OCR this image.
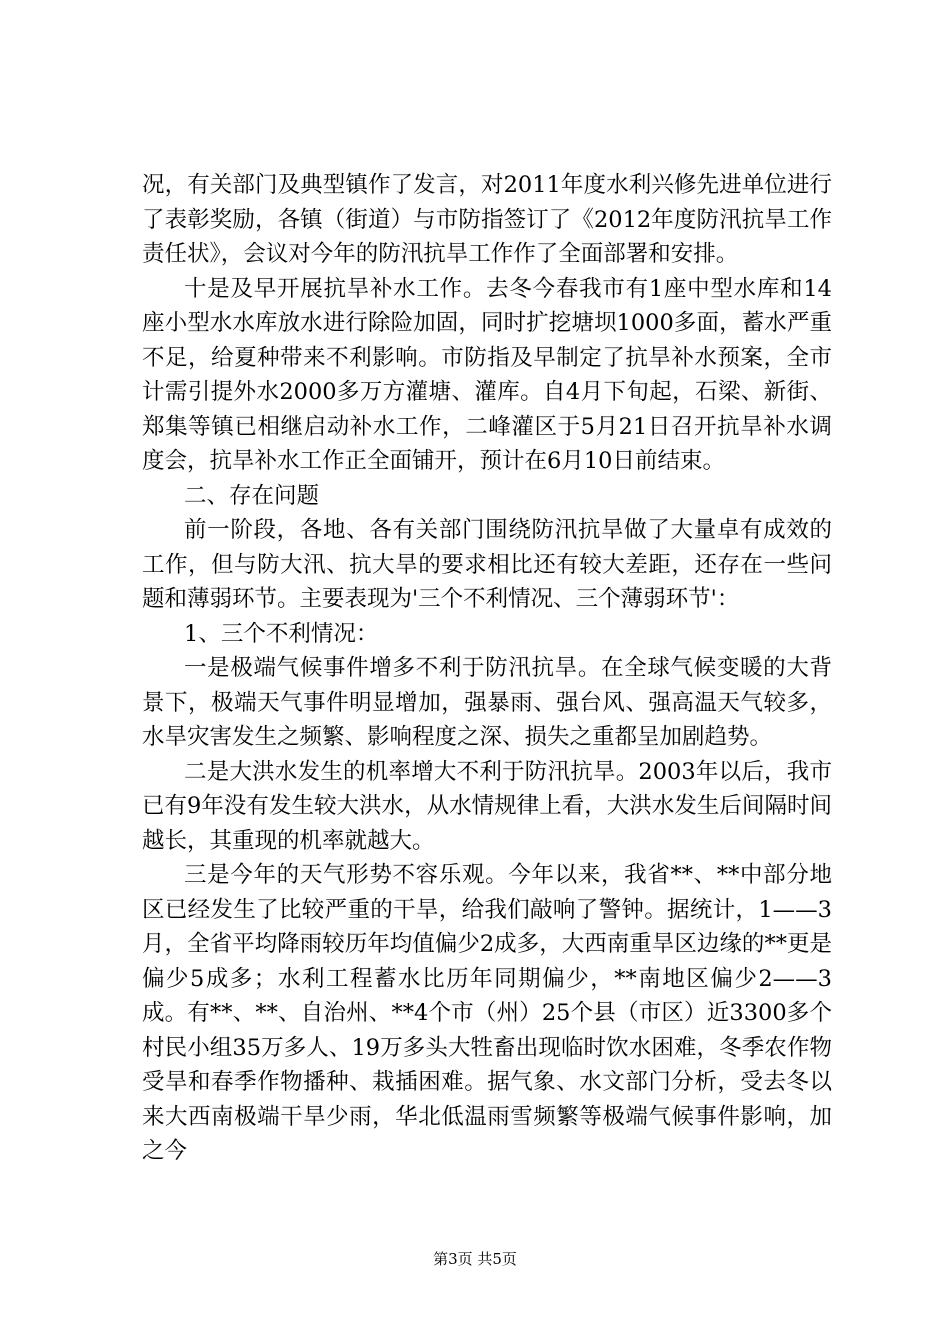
况，有关部门及典型镇作了发言，对2011年度水利兴修先进单位进行了表彰奖励，各镇（街道）与市防指签订了《2012年度防汛抗旱工作责任状》，会议对今年的防汛抗旱工作作了全面部署和安排。

十是及早开展抗旱补水工作。去冬今春我市有1座中型水库和14座小型水水库放水进行除险加固，同时扩挖塘坝1000多面，蓄水严重不足，给夏种带来不利影响。市防指及早制定了抗旱补水预案，全市计需引提外水2000多万方灌塘、灌库。自4月下旬起，石梁、新街、郑集等镇已相继启动补水工作，二峰灌区于5月21日召开抗旱补水调度会，抗旱补水工作正全面铺开，预计在6月10日前结束。

二、存在问题

前一阶段，各地、各有关部门围绕防汛抗旱做了大量卓有成效的工作，但与防大汛、抗大旱的要求相比还有较大差距，还存在一些问题和薄弱环节。主要表现为'三个不利情况、三个薄弱环节'：

1、三个不利情况：

一是极端气候事件增多不利于防汛抗旱。在全球气候变暖的大背景下，极端天气事件明显增加，强暴雨、强台风、强高温天气较多，水旱灾害发生之频繁、影响程度之深、损失之重都呈加剧趋势。

二是大洪水发生的机率增大不利于防汛抗旱。2003年以后，我市已有9年没有发生较大洪水，从水情规律上看，大洪水发生后间隔时间越长，其重现的机率就越大。

三是今年的天气形势不容乐观。今年以来，我省**、**中部分地区已经发生了比较严重的干旱，给我们敲响了警钟。据统计，1——3月，全省平均降雨较历年均值偏少2成多，大西南重旱区边缘的**更是偏少5成多；水利工程蓄水比历年同期偏少，**南地区偏少2——3成。有**、**、自治州、**4个市（州）25个县（市区）近3300多个村民小组35万多人、19万多头大牲畜出现临时饮水困难，冬季农作物受旱和春季作物播种、栽插困难。据气象、水文部门分析，受去冬以来大西南极端干旱少雨，华北低温雨雪频繁等极端气候事件影响，加之今

第3页 共5页
